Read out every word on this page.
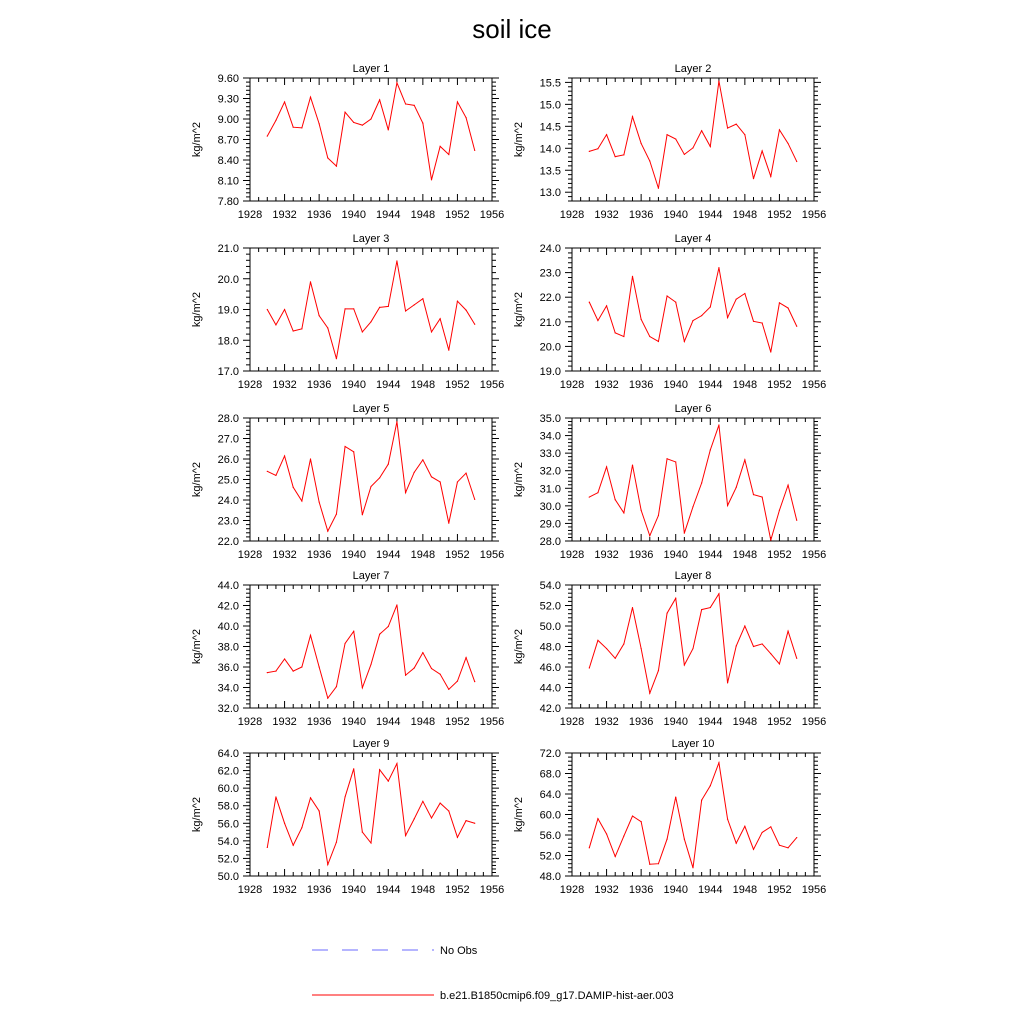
soil ice
1928 1932 1936 1940 1944 1948 1952 1956
7.80
8.10
8.40
8.70
9.00
9.30
9.60
Layer 1
kg/m^2
1928 1932 1936 1940 1944 1948 1952 1956
13.0
13.5
14.0
14.5
15.0
15.5
Layer 2
kg/m^2
1928 1932 1936 1940 1944 1948 1952 1956
17.0
18.0
19.0
20.0
21.0
Layer 3
kg/m^2
1928 1932 1936 1940 1944 1948 1952 1956
19.0
20.0
21.0
22.0
23.0
24.0
Layer 4
kg/m^2
1928 1932 1936 1940 1944 1948 1952 1956
22.0
23.0
24.0
25.0
26.0
27.0
28.0
Layer 5
kg/m^2
1928 1932 1936 1940 1944 1948 1952 1956
28.0
29.0
30.0
31.0
32.0
33.0
34.0
35.0
Layer 6
kg/m^2
1928 1932 1936 1940 1944 1948 1952 1956
32.0
34.0
36.0
38.0
40.0
42.0
44.0
Layer 7
kg/m^2
1928 1932 1936 1940 1944 1948 1952 1956
42.0
44.0
46.0
48.0
50.0
52.0
54.0
Layer 8
kg/m^2
1928 1932 1936 1940 1944 1948 1952 1956
50.0
52.0
54.0
56.0
58.0
60.0
62.0
64.0
Layer 9
kg/m^2
1928 1932 1936 1940 1944 1948 1952 1956
48.0
52.0
56.0
60.0
64.0
68.0
72.0
Layer 10
kg/m^2
No Obs
b.e21.B1850cmip6.f09_g17.DAMIP-hist-aer.003
